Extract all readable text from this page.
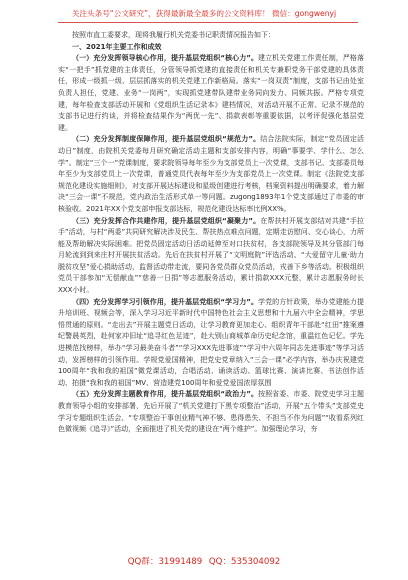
关注头条号“公文研究”，获得最新最全最多的公文资料库！ 微信：gongwenyj

按照市直工委要求，现将我履行机关党委书记职责情况报告如下：

一、2021年主要工作和成效

（一）充分发挥领导核心作用，提升基层党组织“核心力”。建立机关党建工作责任制，严格落实“一把手”抓党建的主体责任，分管领导抓党建的直接责任和机关专兼职党务干部党建的具体责任，形成一级抓一级、层层抓落实的机关党建工作新格局。落实“一岗双责”制度，支部书记由处室负责人担任，党建、业务“一岗两”，实现抓党建带队建带业务同向发力、同频共振。严格专项党建，每年检查支部活动开展和《党组织生活记录本》建档情况，对活动开展不正常、记录不规范的支部书记进行约谈，并将检查结果作为“两优一先”、捐款表彰等重要依据，以考评促强化基层党建。

（二）充分发挥制度保障作用，提升基层党组织“规范力”。结合法院实际，制定“党员固定活动日”制度，由院机关党委每月研究确定活动主题和支部安排内容，明确“事要学、学什么、怎么学”。制定“三个一”党课制度，要求院领导每年至少为支部党员上一次党课，支部书记、支部委员每年至少为支部党员上一次党课，普通党员代表每年至少为支部党员上一次党课。制定《法院党支部规范化建设实施细则》，对支部开展达标建设和星级创建进行考核，档案资料提出明确要求，着力解决“三会一课”不规范，党内政治生活形式单一等问题。zugong1893年1个党支部通过了市委的审核验收。2021年XX个党支部申报支部达标，规范化建设达标率比例XX%。

（三）充分发挥合作共建作用，提升基层党组织“凝聚力”。在帮扶村开展支部结对共建“手拉手”活动，与村“两委”共同研究解决涉及民生、帮扶热点难点问题，定期走访慰问、交心谈心，力所能及帮助解决实际困难。把党员固定活动日活动延伸至对口扶贫村，各支部院领导及其分管部门每月轮流到到来庄村开展扶贫活动。先后在扶贫村开展了“文明庭院”评选活动、“大爱留守儿童·助力脱贫攻坚”爱心捐助活动，监督活动带走流，要同各党员群众党员活动，戎善下乡等活动。积极组织党员干部参加“无偿献血”“慈善一日捐”等志愿服务活动，累计捐款XXX元整，累计志愿服务时长XXX小时。

（四）充分发挥学习引领作用，提升基层党组织“学习力”。学党的方针政策，举办党建能力提升培训班、视频会等，深入学习习近平新时代中国特色社会主义思想和十九届六中全会精神，学思悟贯通的原则。“走出去”开展主题党日活动，让学习教育更加走心、组织青年干部赴“红田”推案遵纪警晨英烈，赴何家冲旧址“追寻红色足迹”，赴大别山商城革命历史纪念馆，重温红色记忆。学先进模范找榜样，举办“学习最美奋斗者”“学习XXX先进事迹”“学习中六周年同志先进事迹”等学习活动，发挥榜样的引领作用。学规党爱国精神，把党史党章纳入“三会一课”必学内容，举办庆祝建党100周年“我和我的祖国”微党课活动，合唱活动、诵读活动、篮球比赛、演讲比赛、书法创作活动、拍摄“我和我的祖国”MV、营造建党100周年和爱党爱国浓厚氛围

（五）充分发挥主题教育作用，提升基层党组织“政治力”。按照省委、市委、院党史学习主题教育领导小组的安排部署，先后开展了“机关党建打下黑专项整治”活动，开展“五个带头”支部党史学习专题组织生活会、“专项整治干事创业精气神不够、患得患失、不担当不作为问题”“收看系列红色微视频《追寻》”活动，全面推进了机关党的建设在“两个维护”。加强理论学习，夯

QQ群：31991489 QQ：535304092
